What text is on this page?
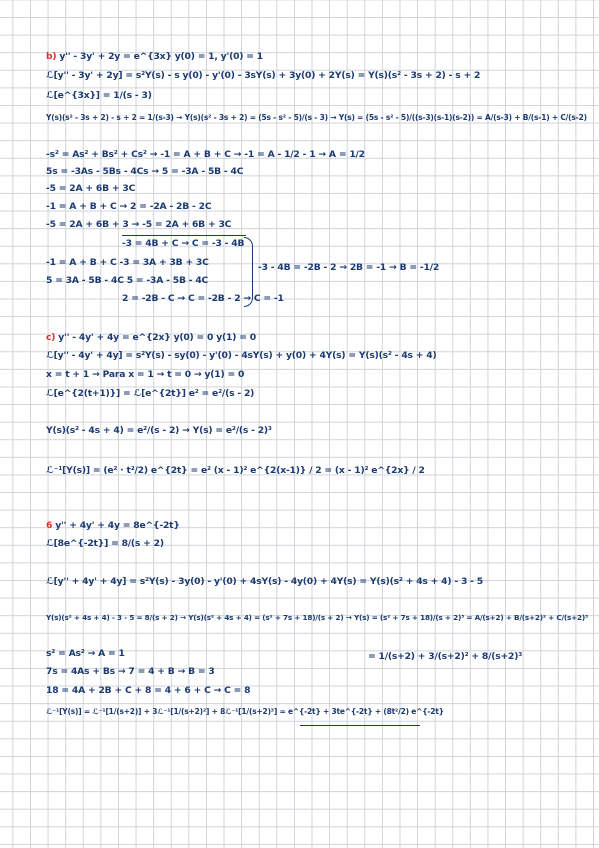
b) y'' - 3y' + 2y = e^{3x} y(0) = 1, y'(0) = 1
ℒ[y'' - 3y' + 2y] = s²Y(s) - s y(0) - y'(0) - 3sY(s) + 3y(0) + 2Y(s) = Y(s)(s² - 3s + 2) - s + 2
ℒ[e^{3x}] = 1/(s - 3)
Y(s)(s² - 3s + 2) - s + 2 = 1/(s-3) → Y(s)(s² - 3s + 2) = (5s - s² - 5)/(s - 3) → Y(s) = (5s - s² - 5)/((s-3)(s-1)(s-2)) = A/(s-3) + B/(s-1) + C/(s-2)
-s² = As² + Bs² + Cs² → -1 = A + B + C → -1 = A - 1/2 - 1 → A = 1/2
5s = -3As - 5Bs - 4Cs → 5 = -3A - 5B - 4C
-5 = 2A + 6B + 3C
-1 = A + B + C → 2 = -2A - 2B - 2C
-5 = 2A + 6B + 3 → -5 = 2A + 6B + 3C
-3 = 4B + C → C = -3 - 4B
-1 = A + B + C -3 = 3A + 3B + 3C
5 = 3A - 5B - 4C 5 = -3A - 5B - 4C
2 = -2B - C → C = -2B - 2 → C = -1
-3 - 4B = -2B - 2 → 2B = -1 → B = -1/2
c) y'' - 4y' + 4y = e^{2x} y(0) = 0 y(1) = 0
ℒ[y'' - 4y' + 4y] = s²Y(s) - sy(0) - y'(0) - 4sY(s) + y(0) + 4Y(s) = Y(s)(s² - 4s + 4)
x = t + 1 → Para x = 1 → t = 0 → y(1) = 0
ℒ[e^{2(t+1)}] = ℒ[e^{2t}] e² = e²/(s - 2)
Y(s)(s² - 4s + 4) = e²/(s - 2) → Y(s) = e²/(s - 2)³
ℒ⁻¹[Y(s)] = (e² · t²/2) e^{2t} = e² (x - 1)² e^{2(x-1)} / 2 = (x - 1)² e^{2x} / 2
6 y'' + 4y' + 4y = 8e^{-2t}
ℒ[8e^{-2t}] = 8/(s + 2)
ℒ[y'' + 4y' + 4y] = s²Y(s) - 3y(0) - y'(0) + 4sY(s) - 4y(0) + 4Y(s) = Y(s)(s² + 4s + 4) - 3 - 5
Y(s)(s² + 4s + 4) - 3 - 5 = 8/(s + 2) → Y(s)(s² + 4s + 4) = (s² + 7s + 18)/(s + 2) → Y(s) = (s² + 7s + 18)/(s + 2)³ = A/(s+2) + B/(s+2)² + C/(s+2)³
= 1/(s+2) + 3/(s+2)² + 8/(s+2)³
s² = As² → A = 1
7s = 4As + Bs → 7 = 4 + B → B = 3
18 = 4A + 2B + C + 8 = 4 + 6 + C → C = 8
ℒ⁻¹[Y(s)] = ℒ⁻¹[1/(s+2)] + 3ℒ⁻¹[1/(s+2)²] + 8ℒ⁻¹[1/(s+2)³] = e^{-2t} + 3te^{-2t} + (8t²/2) e^{-2t}
